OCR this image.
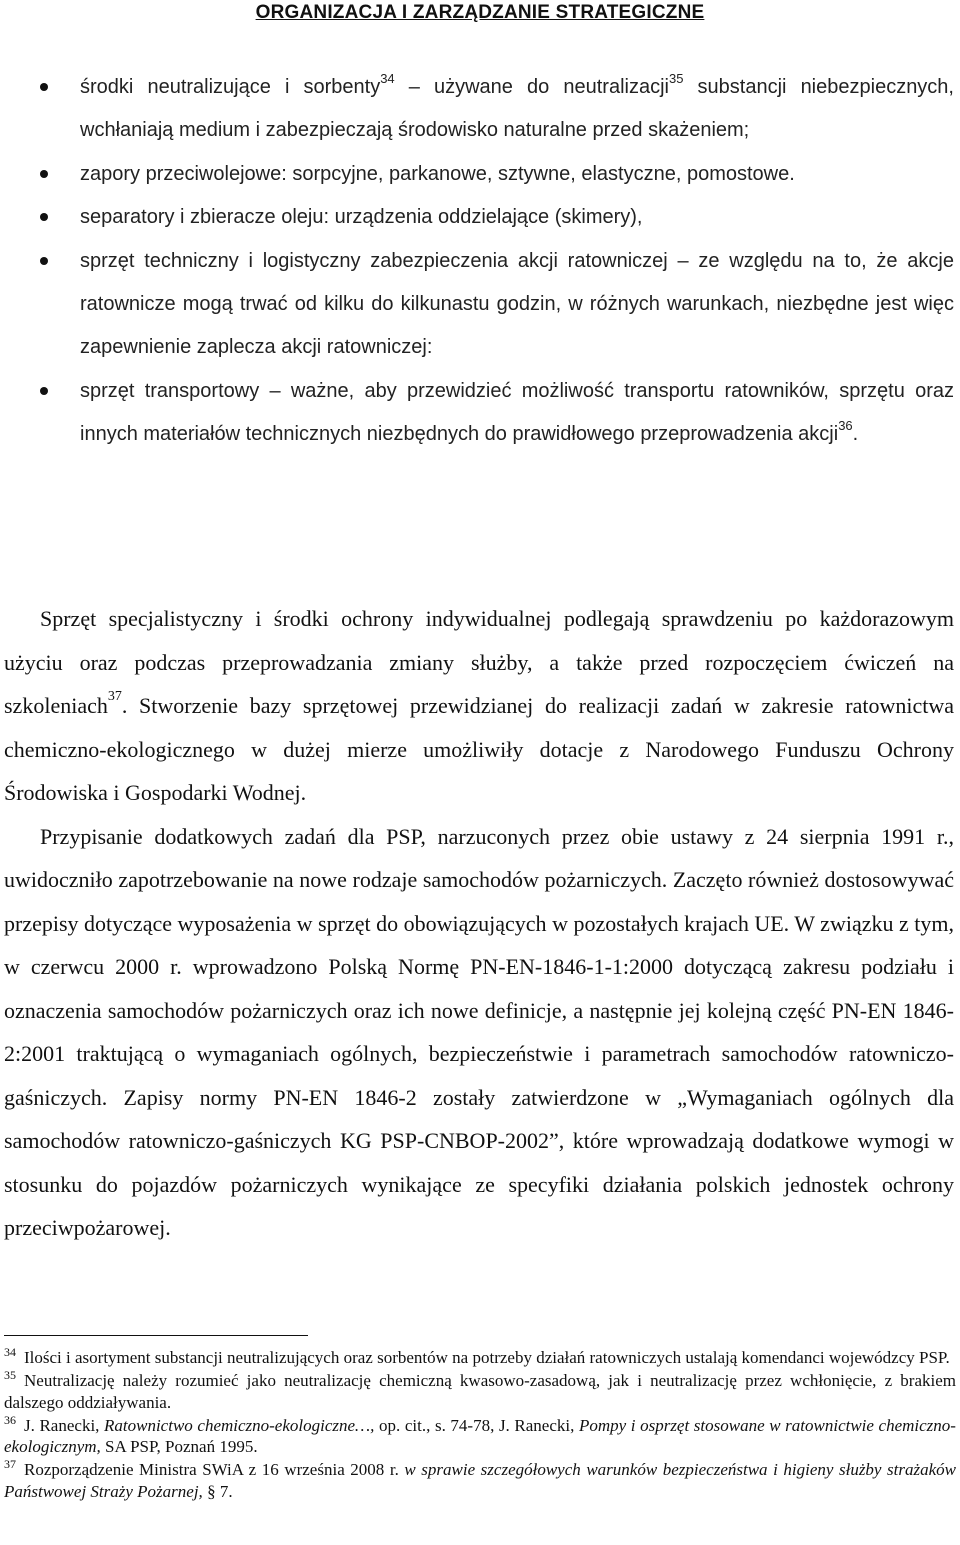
ORGANIZACJA I ZARZĄDZANIE STRATEGICZNE
środki neutralizujące i sorbenty$^{34}$ – używane do neutralizacji$^{35}$ substancji niebezpiecznych, wchłaniają medium i zabezpieczają środowisko naturalne przed skażeniem;
zapory przeciwolejowe: sorpcyjne, parkanowe, sztywne, elastyczne, pomostowe.
separatory i zbieracze oleju: urządzenia oddzielające (skimery),
sprzęt techniczny i logistyczny zabezpieczenia akcji ratowniczej – ze względu na to, że akcje ratownicze mogą trwać od kilku do kilkunastu godzin, w różnych warunkach, niezbędne jest więc zapewnienie zaplecza akcji ratowniczej:
sprzęt transportowy – ważne, aby przewidzieć możliwość transportu ratowników, sprzętu oraz innych materiałów technicznych niezbędnych do prawidłowego przeprowadzenia akcji$^{36}$.

Sprzęt specjalistyczny i środki ochrony indywidualnej podlegają sprawdzeniu po każdorazowym użyciu oraz podczas przeprowadzania zmiany służby, a także przed rozpoczęciem ćwiczeń na szkoleniach$^{37}$. Stworzenie bazy sprzętowej przewidzianej do realizacji zadań w zakresie ratownictwa chemiczno-ekologicznego w dużej mierze umożliwiły dotacje z Narodowego Funduszu Ochrony Środowiska i Gospodarki Wodnej.

Przypisanie dodatkowych zadań dla PSP, narzuconych przez obie ustawy z 24 sierpnia 1991 r., uwidoczniło zapotrzebowanie na nowe rodzaje samochodów pożarniczych. Zaczęto również dostosowywać przepisy dotyczące wyposażenia w sprzęt do obowiązujących w pozostałych krajach UE. W związku z tym, w czerwcu 2000 r. wprowadzono Polską Normę PN-EN-1846-1-1:2000 dotyczącą zakresu podziału i oznaczenia samochodów pożarniczych oraz ich nowe definicje, a następnie jej kolejną część PN-EN 1846-2:2001 traktującą o wymaganiach ogólnych, bezpieczeństwie i parametrach samochodów ratowniczo-gaśniczych. Zapisy normy PN-EN 1846-2 zostały zatwierdzone w „Wymaganiach ogólnych dla samochodów ratowniczo-gaśniczych KG PSP-CNBOP-2002”, które wprowadzają dodatkowe wymogi w stosunku do pojazdów pożarniczych wynikające ze specyfiki działania polskich jednostek ochrony przeciwpożarowej.

$^{34}$ Ilości i asortyment substancji neutralizujących oraz sorbentów na potrzeby działań ratowniczych ustalają komendanci wojewódzcy PSP.

$^{35}$ Neutralizację należy rozumieć jako neutralizację chemiczną kwasowo-zasadową, jak i neutralizację przez wchłonięcie, z brakiem dalszego oddziaływania.

$^{36}$ J. Ranecki, Ratownictwo chemiczno-ekologiczne…, op. cit., s. 74-78, J. Ranecki, Pompy i osprzęt stosowane w ratownictwie chemiczno-ekologicznym, SA PSP, Poznań 1995.

$^{37}$ Rozporządzenie Ministra SWiA z 16 września 2008 r. w sprawie szczegółowych warunków bezpieczeństwa i higieny służby strażaków Państwowej Straży Pożarnej, § 7.
